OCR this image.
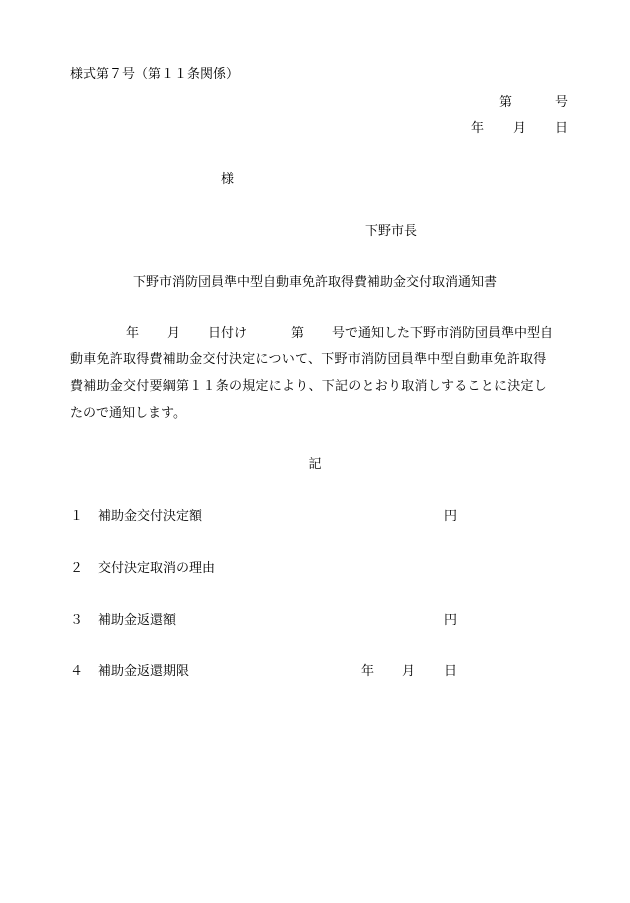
様式第７号（第１１条関係）
第	号
年 月 日
様
下野市長
下野市消防団員準中型自動車免許取得費補助金交付取消通知書
年 月 日付け	第 号で通知した下野市消防団員準中型自
動車免許取得費補助金交付決定について、下野市消防団員準中型自動車免許取得
費補助金交付要綱第１１条の規定により、下記のとおり取消しすることに決定し
たので通知します。
記
１ 補助金交付決定額	円
２ 交付決定取消の理由
３ 補助金返還額	円
４ 補助金返還期限	年 月 日
